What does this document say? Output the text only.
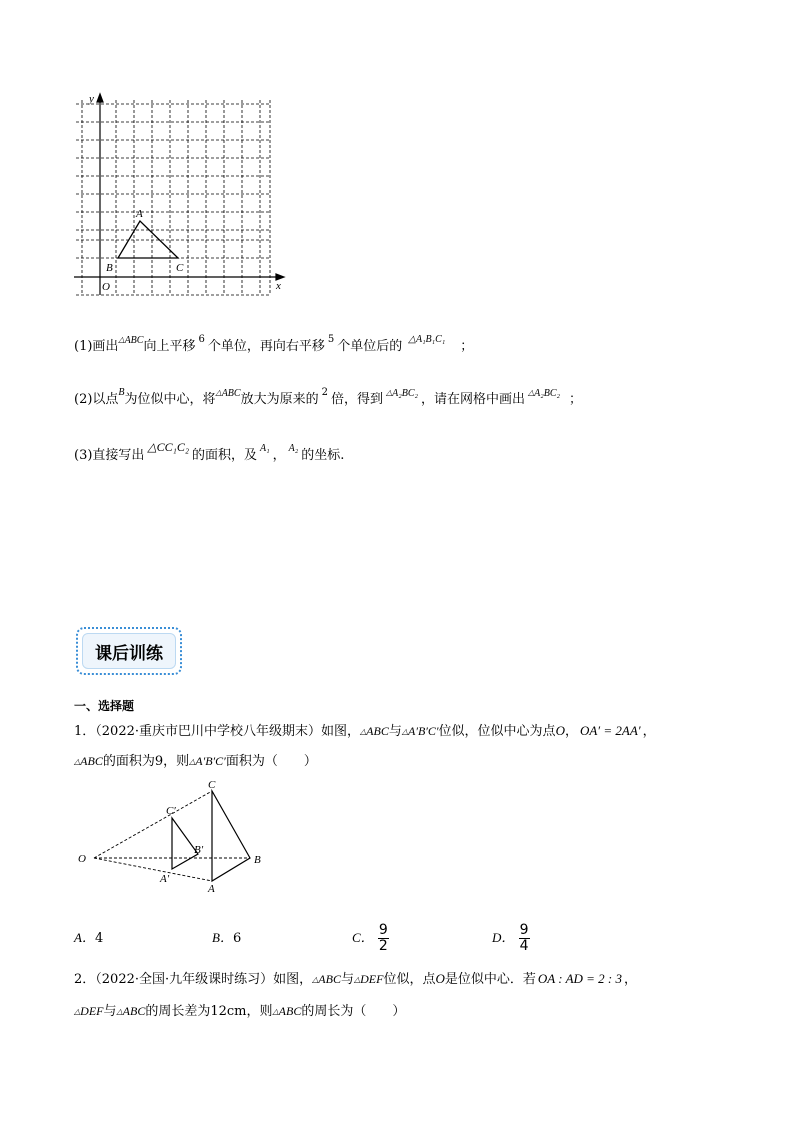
y
x
O
A
B	C
(1)画出$^{\triangle ABC}$向上平移 $^6$ 个单位，再向右平移 $^5$ 个单位后的 $^{\triangle A_1B_1C_1}$ ；
(2)以点$^B$为位似中心，将$^{\triangle ABC}$放大为原来的 $^2$ 倍，得到 $^{\triangle A_2BC_2}$ ，请在网格中画出 $^{\triangle A_2BC_2}$ ；
(3)直接写出△CC₁C₂的面积，及 $^{A_1}$ ， $^{A_2}$ 的坐标.
课后训练
一、选择题
1．（2022·重庆市巴川中学校八年级期末）如图，△ABC与△A′B′C′位似，位似中心为点O， OA′ = 2AA′ ，
△ABC的面积为9，则△A′B′C′面积为（　　）
C′
C
B′
B
O
A′
A
A．4	B．6	C． $\frac{9}{2}$	D． $\frac{9}{4}$
2．（2022·全国·九年级课时练习）如图，△ABC与△DEF位似，点O是位似中心．若 OA : AD = 2 : 3 ，
△DEF与△ABC的周长差为12cm，则△ABC的周长为（　　）
